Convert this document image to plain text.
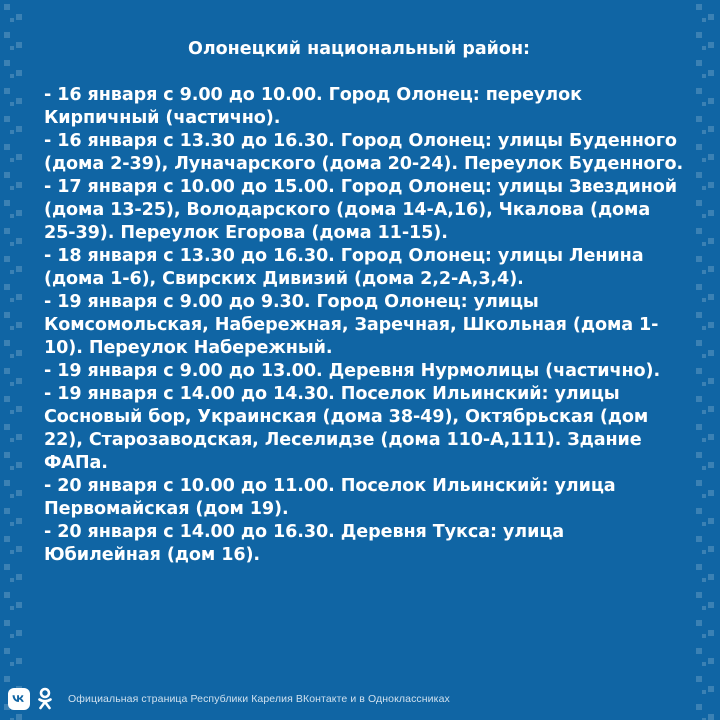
Олонецкий национальный район:
- 16 января с 9.00 до 10.00. Город Олонец: переулок Кирпичный (частично).
- 16 января с 13.30 до 16.30. Город Олонец: улицы Буденного (дома 2-39), Луначарского (дома 20-24). Переулок Буденного.
- 17 января с 10.00 до 15.00. Город Олонец: улицы Звездиной (дома 13-25), Володарского (дома 14-А,16), Чкалова (дома 25-39). Переулок Егорова (дома 11-15).
- 18 января с 13.30 до 16.30. Город Олонец: улицы Ленина (дома 1-6), Свирских Дивизий (дома 2,2-А,3,4).
- 19 января с 9.00 до 9.30. Город Олонец: улицы Комсомольская, Набережная, Заречная, Школьная (дома 1-10). Переулок Набережный.
- 19 января с 9.00 до 13.00. Деревня Нурмолицы (частично).
- 19 января с 14.00 до 14.30. Поселок Ильинский: улицы Сосновый бор, Украинская (дома 38-49), Октябрьская (дом 22), Старозаводская, Леселидзе (дома 110-А,111). Здание ФАПа.
- 20 января с 10.00 до 11.00. Поселок Ильинский: улица Первомайская (дом 19).
- 20 января с 14.00 до 16.30. Деревня Тукса: улица Юбилейная (дом 16).
Официальная страница Республики Карелия ВКонтакте и в Одноклассниках
